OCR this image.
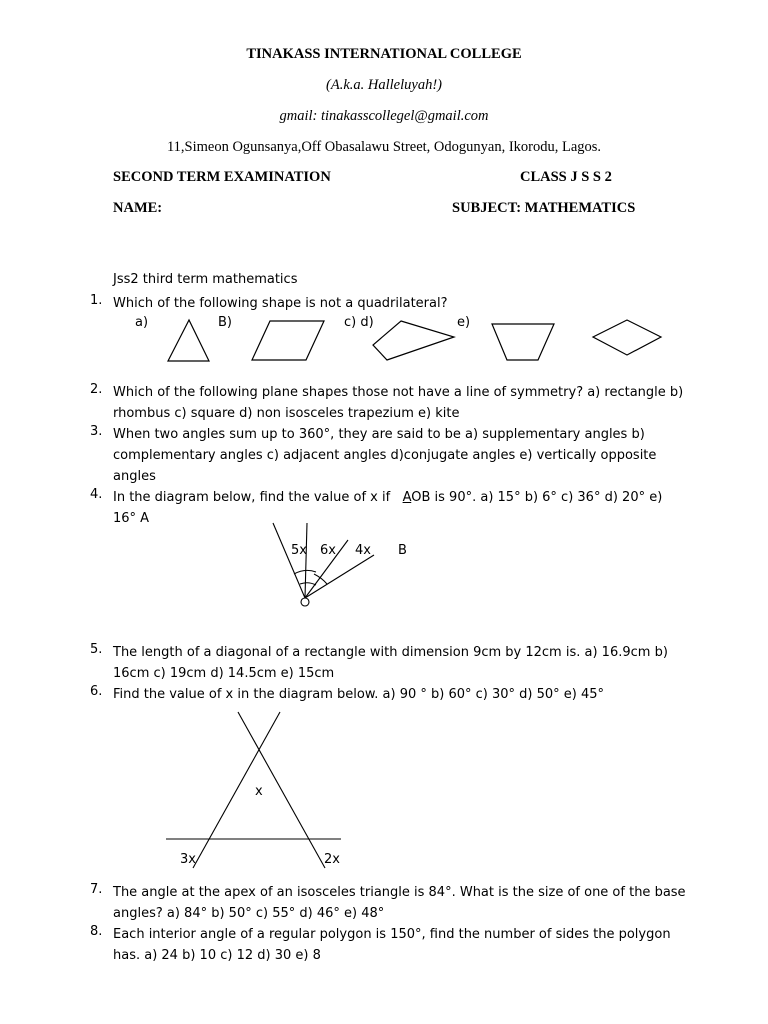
TINAKASS INTERNATIONAL COLLEGE
(A.k.a. Halleluyah!)
gmail: tinakasscollegel@gmail.com
11,Simeon Ogunsanya,Off Obasalawu Street, Odogunyan, Ikorodu, Lagos.
SECOND TERM EXAMINATION	CLASS J S S 2
NAME:	SUBJECT: MATHEMATICS
Jss2 third term mathematics
1. Which of the following shape is not a quadrilateral?
a)	B)	c) d)	e)
2. Which of the following plane shapes those not have a line of symmetry? a) rectangle b)
rhombus c) square d) non isosceles trapezium e) kite
3. When two angles sum up to 360°, they are said to be a) supplementary angles b)
complementary angles c) adjacent angles d)conjugate angles e) vertically opposite
angles
4. In the diagram below, find the value of x if   AOB is 90°. a) 15° b) 6° c) 36° d) 20° e)
16° A
5x 6x 4x B
5. The length of a diagonal of a rectangle with dimension 9cm by 12cm is. a) 16.9cm b)
16cm c) 19cm d) 14.5cm e) 15cm
6. Find the value of x in the diagram below. a) 90 ° b) 60° c) 30° d) 50° e) 45°
x
3x	2x
7. The angle at the apex of an isosceles triangle is 84°. What is the size of one of the base
angles? a) 84° b) 50° c) 55° d) 46° e) 48°
8. Each interior angle of a regular polygon is 150°, find the number of sides the polygon
has. a) 24 b) 10 c) 12 d) 30 e) 8
